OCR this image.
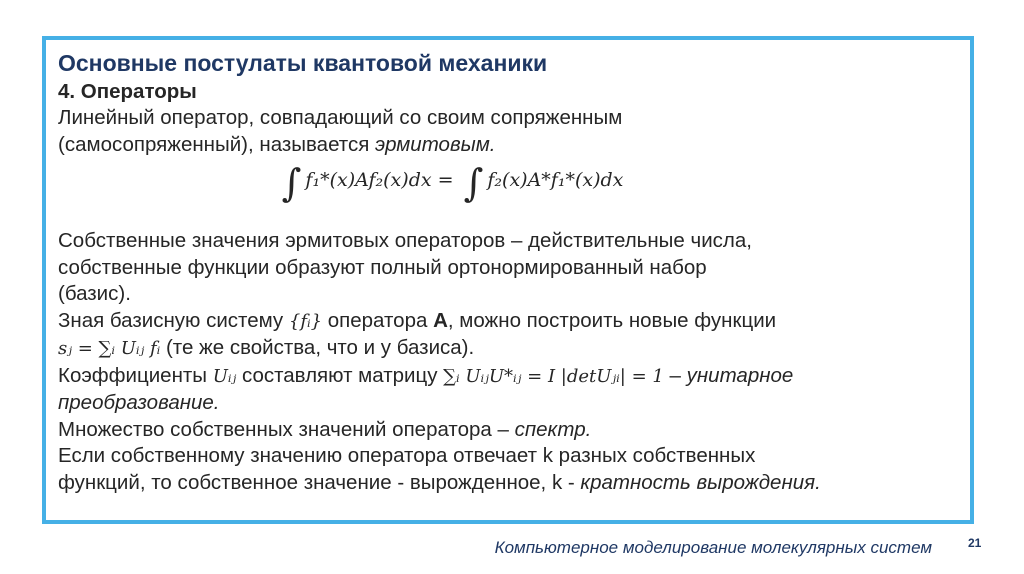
Основные постулаты квантовой механики
4. Операторы
Линейный оператор, совпадающий со своим сопряженным
(самосопряженный), называется эрмитовым.
∫ f₁*(x)Af₂(x)dx = ∫ f₂(x)A*f₁*(x)dx
Собственные значения эрмитовых операторов – действительные числа,
собственные функции образуют полный ортонормированный набор
(базис).
Зная базисную систему {fᵢ} оператора A, можно построить новые функции
sⱼ = ∑ᵢ Uᵢⱼ fᵢ (те же свойства, что и у базиса).
Коэффициенты Uᵢⱼ составляют матрицу ∑ᵢ UᵢⱼU*ᵢⱼ = I |detUⱼᵢ| = 1 – унитарное
преобразование.
Множество собственных значений оператора – спектр.
Если собственному значению оператора отвечает k разных собственных
функций, то собственное значение - вырожденное, k - кратность вырождения.
Компьютерное моделирование молекулярных систем	21
